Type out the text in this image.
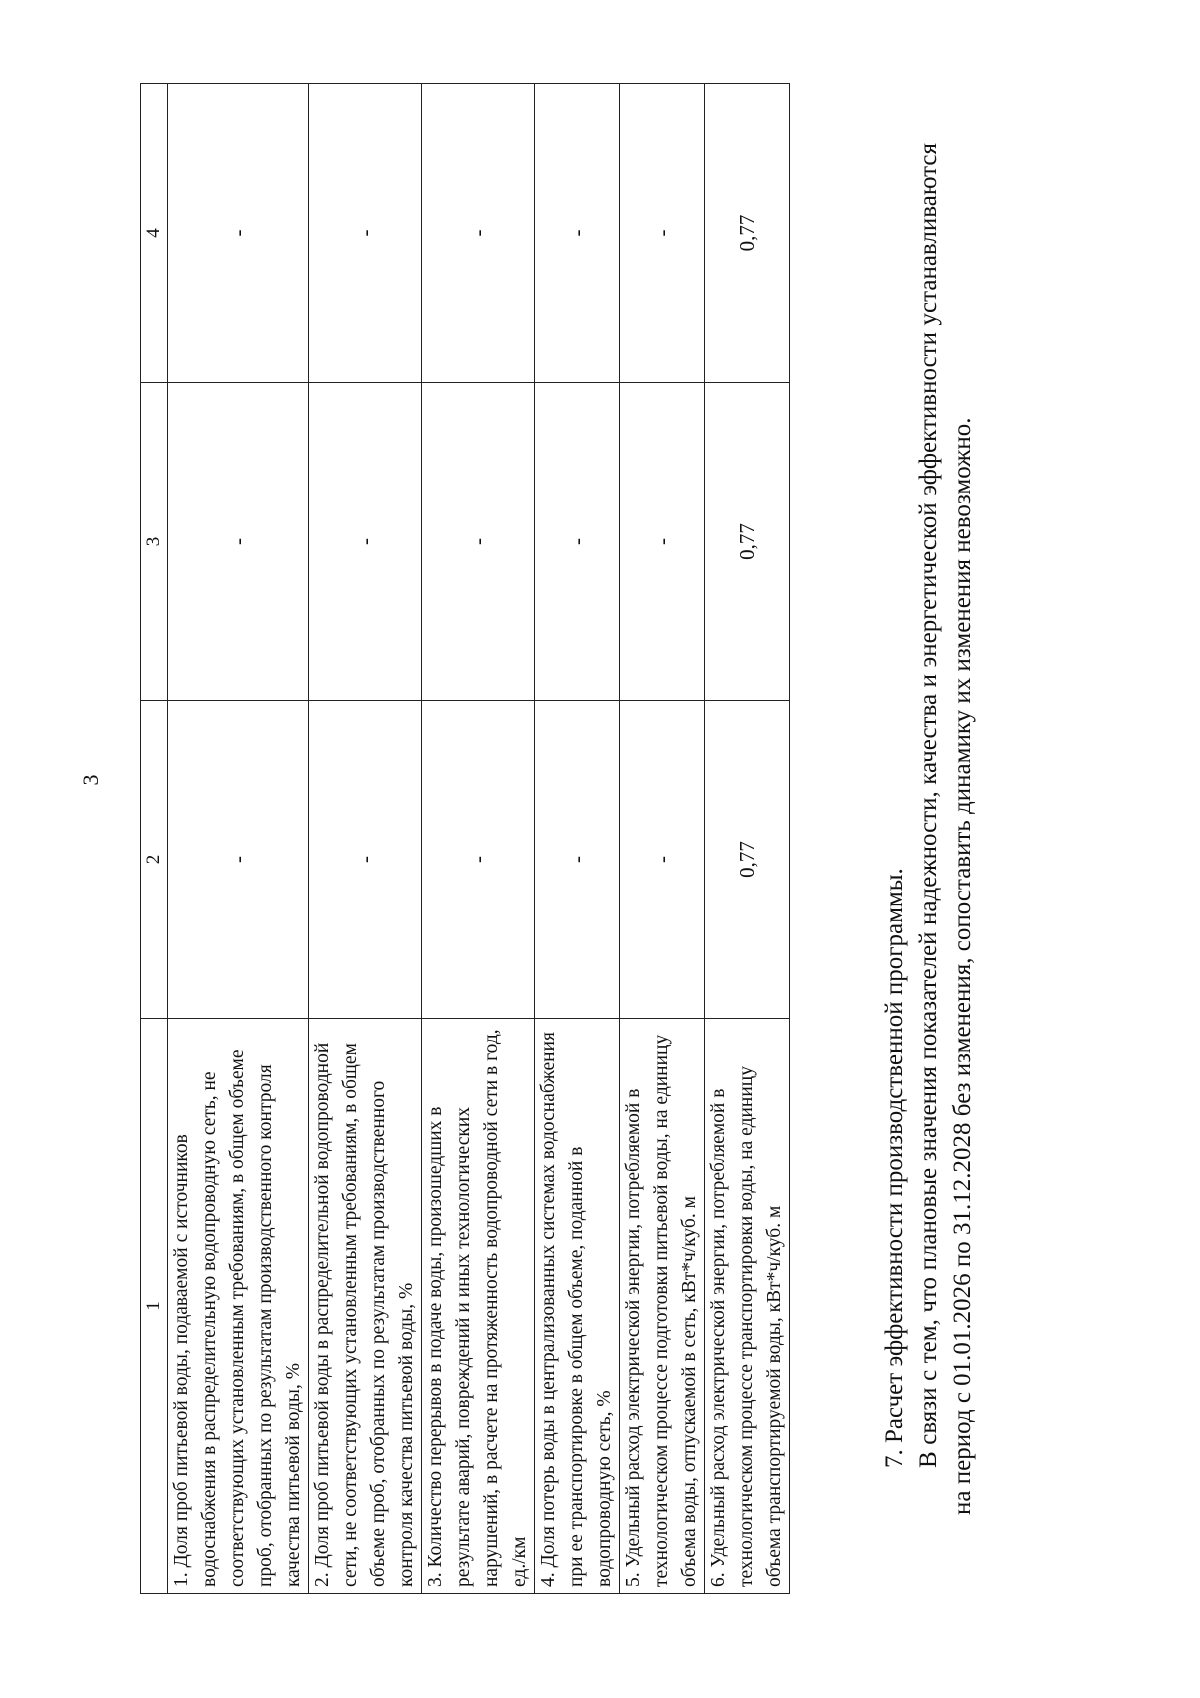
3
1	2	3	4
1. Доля проб питьевой воды, подаваемой с источников водоснабжения в распределительную водопроводную сеть, не соответствующих установленным требованиям, в общем объеме проб, отобранных по результатам производственного контроля качества питьевой воды, %	-	-	-
2. Доля проб питьевой воды в распределительной водопроводной сети, не соответствующих установленным требованиям, в общем объеме проб, отобранных по результатам производственного контроля качества питьевой воды, %	-	-	-
3. Количество перерывов в подаче воды, произошедших в результате аварий, повреждений и иных технологических нарушений, в расчете на протяженность водопроводной сети в год, ед./км	-	-	-
4. Доля потерь воды в централизованных системах водоснабжения при ее транспортировке в общем объеме, поданной в водопроводную сеть, %	-	-	-
5. Удельный расход электрической энергии, потребляемой в технологическом процессе подготовки питьевой воды, на единицу объема воды, отпускаемой в сеть, кВт*ч/куб. м	-	-	-
6. Удельный расход электрической энергии, потребляемой в технологическом процессе транспортировки воды, на единицу объема транспортируемой воды, кВт*ч/куб. м	0,77	0,77	0,77

7. Расчет эффективности производственной программы. В связи с тем, что плановые значения показателей надежности, качества и энергетической эффективности устанавливаются на период с 01.01.2026 по 31.12.2028 без изменения, сопоставить динамику их изменения невозможно.
